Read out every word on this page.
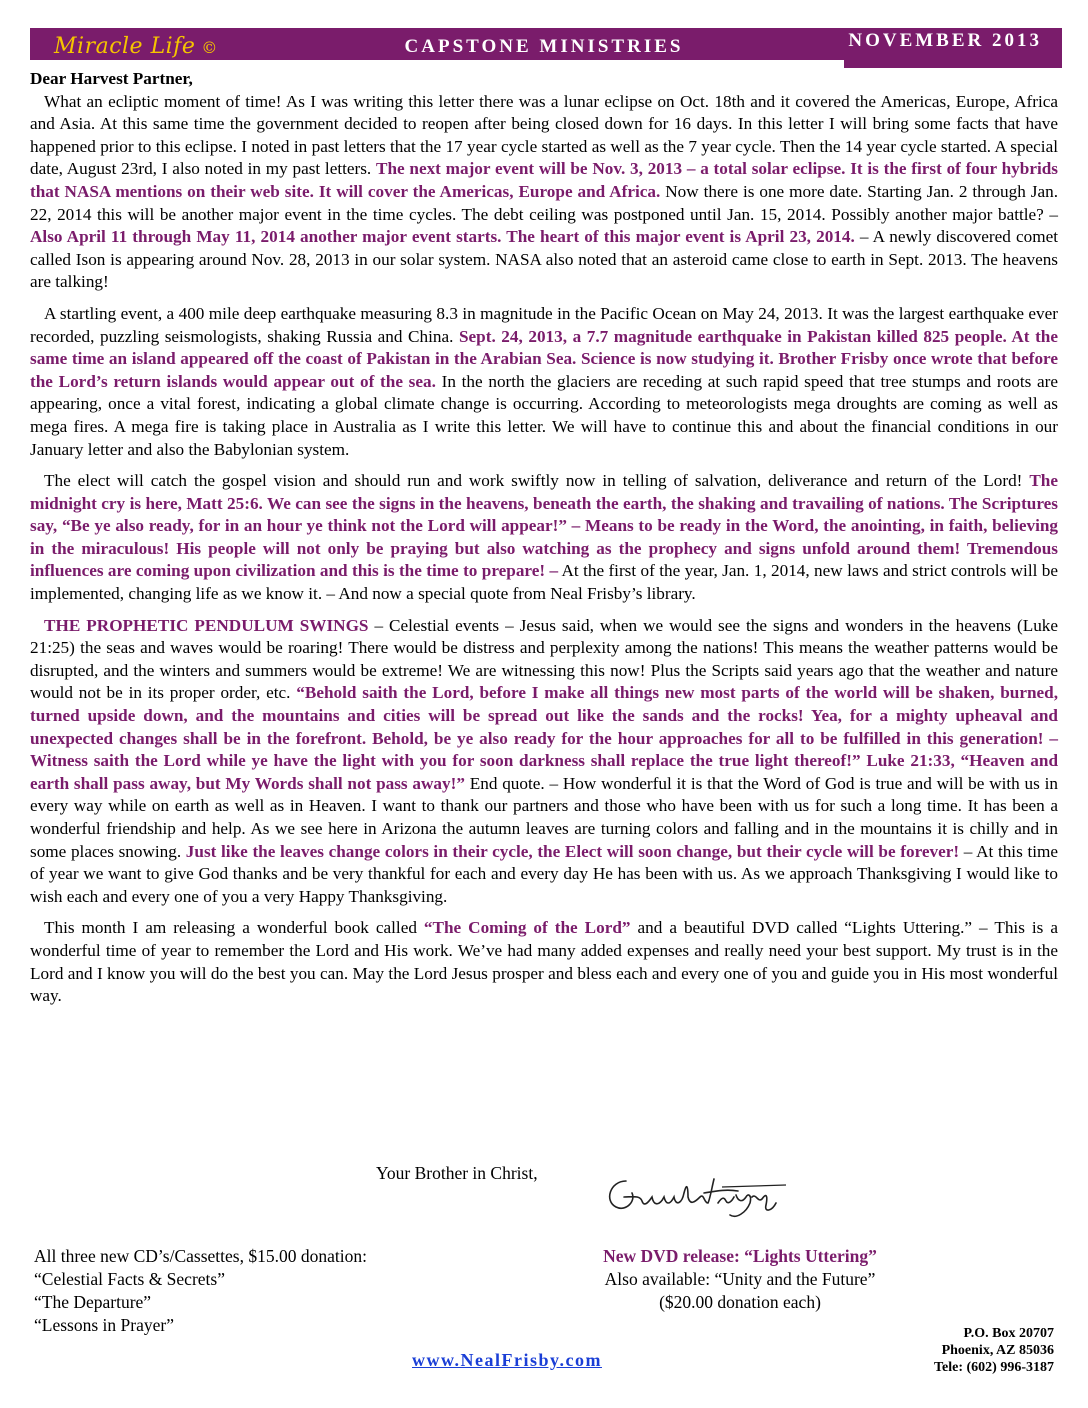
Miracle Life ©	CAPSTONE MINISTRIES	NOVEMBER 2013
Dear Harvest Partner,

What an ecliptic moment of time! As I was writing this letter there was a lunar eclipse on Oct. 18th and it covered the Americas, Europe, Africa and Asia. At this same time the government decided to reopen after being closed down for 16 days. In this letter I will bring some facts that have happened prior to this eclipse. I noted in past letters that the 17 year cycle started as well as the 7 year cycle. Then the 14 year cycle started. A special date, August 23rd, I also noted in my past letters. The next major event will be Nov. 3, 2013 – a total solar eclipse. It is the first of four hybrids that NASA mentions on their web site. It will cover the Americas, Europe and Africa. Now there is one more date. Starting Jan. 2 through Jan. 22, 2014 this will be another major event in the time cycles. The debt ceiling was postponed until Jan. 15, 2014. Possibly another major battle? – Also April 11 through May 11, 2014 another major event starts. The heart of this major event is April 23, 2014. – A newly discovered comet called Ison is appearing around Nov. 28, 2013 in our solar system. NASA also noted that an asteroid came close to earth in Sept. 2013. The heavens are talking!

A startling event, a 400 mile deep earthquake measuring 8.3 in magnitude in the Pacific Ocean on May 24, 2013. It was the largest earthquake ever recorded, puzzling seismologists, shaking Russia and China. Sept. 24, 2013, a 7.7 magnitude earthquake in Pakistan killed 825 people. At the same time an island appeared off the coast of Pakistan in the Arabian Sea. Science is now studying it. Brother Frisby once wrote that before the Lord’s return islands would appear out of the sea. In the north the glaciers are receding at such rapid speed that tree stumps and roots are appearing, once a vital forest, indicating a global climate change is occurring. According to meteorologists mega droughts are coming as well as mega fires. A mega fire is taking place in Australia as I write this letter. We will have to continue this and about the financial conditions in our January letter and also the Babylonian system.

The elect will catch the gospel vision and should run and work swiftly now in telling of salvation, deliverance and return of the Lord! The midnight cry is here, Matt 25:6. We can see the signs in the heavens, beneath the earth, the shaking and travailing of nations. The Scriptures say, “Be ye also ready, for in an hour ye think not the Lord will appear!” – Means to be ready in the Word, the anointing, in faith, believing in the miraculous! His people will not only be praying but also watching as the prophecy and signs unfold around them! Tremendous influences are coming upon civilization and this is the time to prepare! – At the first of the year, Jan. 1, 2014, new laws and strict controls will be implemented, changing life as we know it. – And now a special quote from Neal Frisby’s library.

THE PROPHETIC PENDULUM SWINGS – Celestial events – Jesus said, when we would see the signs and wonders in the heavens (Luke 21:25) the seas and waves would be roaring! There would be distress and perplexity among the nations! This means the weather patterns would be disrupted, and the winters and summers would be extreme! We are witnessing this now! Plus the Scripts said years ago that the weather and nature would not be in its proper order, etc. “Behold saith the Lord, before I make all things new most parts of the world will be shaken, burned, turned upside down, and the mountains and cities will be spread out like the sands and the rocks! Yea, for a mighty upheaval and unexpected changes shall be in the forefront. Behold, be ye also ready for the hour approaches for all to be fulfilled in this generation! – Witness saith the Lord while ye have the light with you for soon darkness shall replace the true light thereof!” Luke 21:33, “Heaven and earth shall pass away, but My Words shall not pass away!” End quote. – How wonderful it is that the Word of God is true and will be with us in every way while on earth as well as in Heaven. I want to thank our partners and those who have been with us for such a long time. It has been a wonderful friendship and help. As we see here in Arizona the autumn leaves are turning colors and falling and in the mountains it is chilly and in some places snowing. Just like the leaves change colors in their cycle, the Elect will soon change, but their cycle will be forever! – At this time of year we want to give God thanks and be very thankful for each and every day He has been with us. As we approach Thanksgiving I would like to wish each and every one of you a very Happy Thanksgiving.

This month I am releasing a wonderful book called “The Coming of the Lord” and a beautiful DVD called “Lights Uttering.” – This is a wonderful time of year to remember the Lord and His work. We’ve had many added expenses and really need your best support. My trust is in the Lord and I know you will do the best you can. May the Lord Jesus prosper and bless each and every one of you and guide you in His most wonderful way.

Your Brother in Christ,
All three new CD’s/Cassettes, $15.00 donation:
“Celestial Facts & Secrets”
“The Departure”
“Lessons in Prayer”
New DVD release: “Lights Uttering”
Also available: “Unity and the Future”
($20.00 donation each)
www.NealFrisby.com
P.O. Box 20707
Phoenix, AZ 85036
Tele: (602) 996-3187
